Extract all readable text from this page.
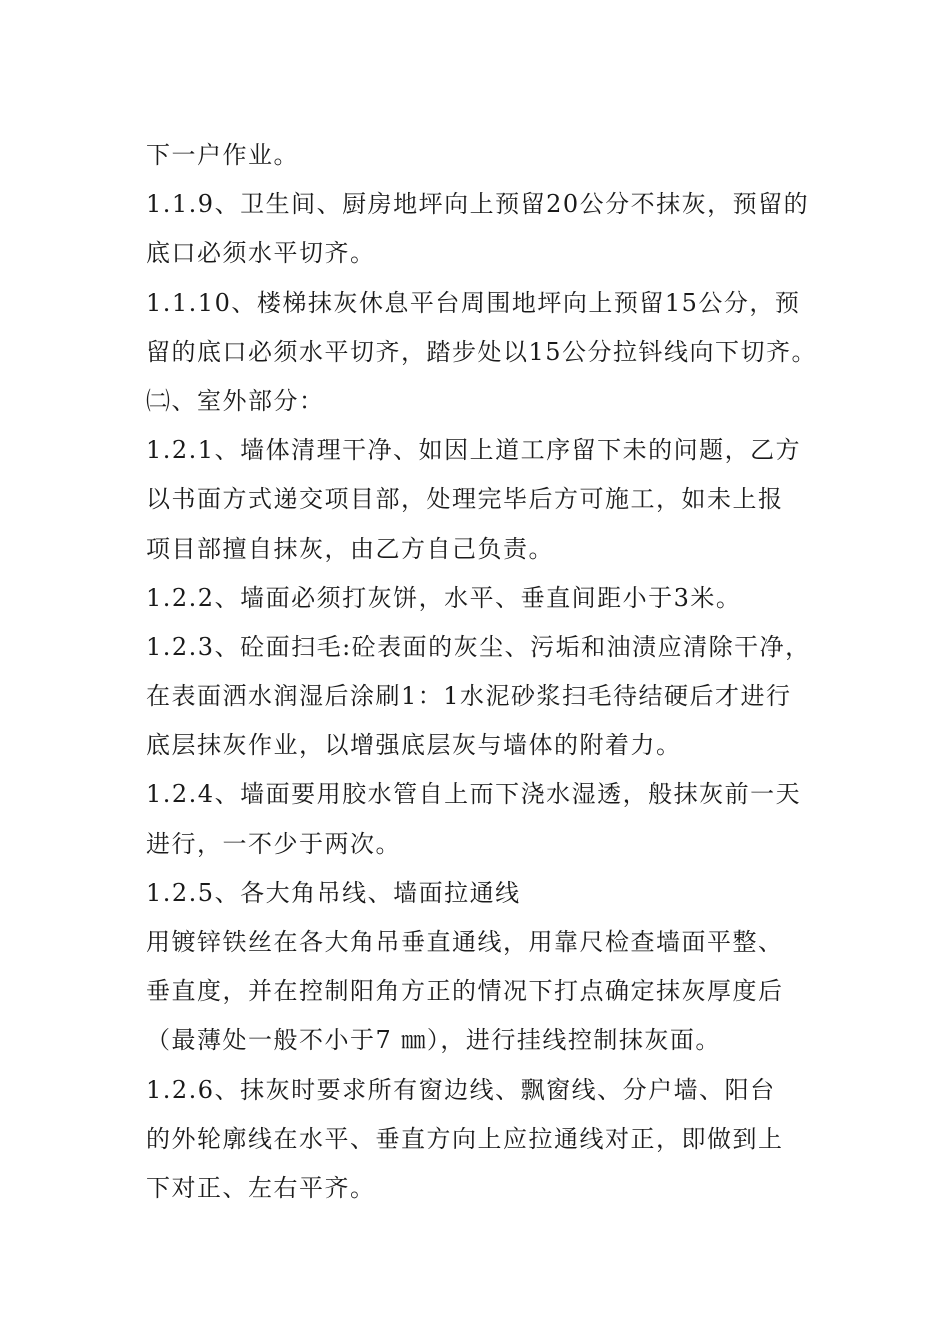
下一户作业。
1.1.9、卫生间、厨房地坪向上预留20公分不抹灰，预留的
底口必须水平切齐。
1.1.10、楼梯抹灰休息平台周围地坪向上预留15公分，预
留的底口必须水平切齐，踏步处以15公分拉钭线向下切齐。
㈡、室外部分：
1.2.1、墙体清理干净、如因上道工序留下未的问题，乙方
以书面方式递交项目部，处理完毕后方可施工，如未上报
项目部擅自抹灰，由乙方自己负责。
1.2.2、墙面必须打灰饼，水平、垂直间距小于3米。
1.2.3、砼面扫毛:砼表面的灰尘、污垢和油渍应清除干净，
在表面洒水润湿后涂刷1：1水泥砂浆扫毛待结硬后才进行
底层抹灰作业，以增强底层灰与墙体的附着力。
1.2.4、墙面要用胶水管自上而下浇水湿透，般抹灰前一天
进行，一不少于两次。
1.2.5、各大角吊线、墙面拉通线
用镀锌铁丝在各大角吊垂直通线，用靠尺检查墙面平整、
垂直度，并在控制阳角方正的情况下打点确定抹灰厚度后
（最薄处一般不小于7 ㎜），进行挂线控制抹灰面。
1.2.6、抹灰时要求所有窗边线、飘窗线、分户墙、阳台
的外轮廓线在水平、垂直方向上应拉通线对正，即做到上
下对正、左右平齐。
